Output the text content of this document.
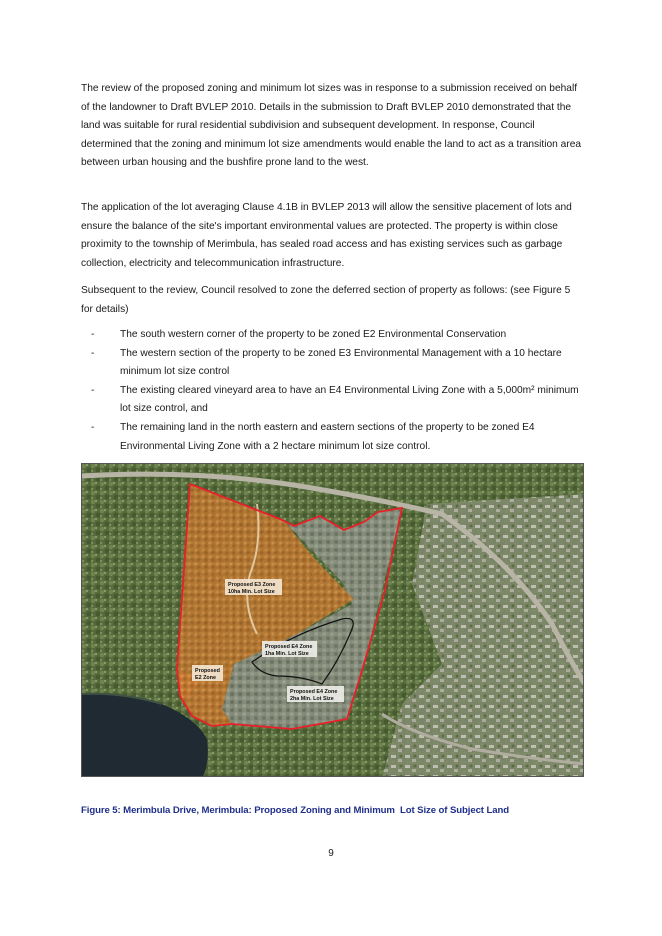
The review of the proposed zoning and minimum lot sizes was in response to a submission received on behalf of the landowner to Draft BVLEP 2010. Details in the submission to Draft BVLEP 2010 demonstrated that the land was suitable for rural residential subdivision and subsequent development. In response, Council determined that the zoning and minimum lot size amendments would enable the land to act as a transition area between urban housing and the bushfire prone land to the west.

The application of the lot averaging Clause 4.1B in BVLEP 2013 will allow the sensitive placement of lots and ensure the balance of the site's important environmental values are protected. The property is within close proximity to the township of Merimbula, has sealed road access and has existing services such as garbage collection, electricity and telecommunication infrastructure.

Subsequent to the review, Council resolved to zone the deferred section of property as follows: (see Figure 5 for details)

-	The south western corner of the property to be zoned E2 Environmental Conservation
-	The western section of the property to be zoned E3 Environmental Management with a 10 hectare minimum lot size control
-	The existing cleared vineyard area to have an E4 Environmental Living Zone with a 5,000m² minimum lot size control, and
-	The remaining land in the north eastern and eastern sections of the property to be zoned E4 Environmental Living Zone with a 2 hectare minimum lot size control.
Proposed E3 Zone
10ha Min. Lot Size
Proposed E4 Zone
1ha Min. Lot Size
Proposed
E2 Zone
Proposed E4 Zone
2ha Min. Lot Size
Figure 5: Merimbula Drive, Merimbula: Proposed Zoning and Minimum  Lot Size of Subject Land
9
